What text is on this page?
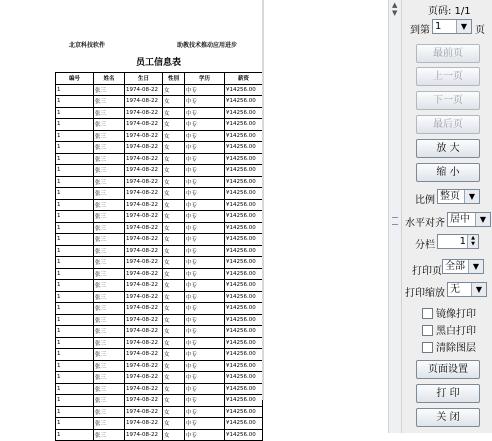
北京科技软件	助教技术推动应用进步
员工信息表
编号	姓名	生日	性别	学历	薪资
1	张三	1974-08-22	女	中专	¥14256.00
1	张三	1974-08-22	女	中专	¥14256.00
1	张三	1974-08-22	女	中专	¥14256.00
1	张三	1974-08-22	女	中专	¥14256.00
1	张三	1974-08-22	女	中专	¥14256.00
1	张三	1974-08-22	女	中专	¥14256.00
1	张三	1974-08-22	女	中专	¥14256.00
1	张三	1974-08-22	女	中专	¥14256.00
1	张三	1974-08-22	女	中专	¥14256.00
1	张三	1974-08-22	女	中专	¥14256.00
1	张三	1974-08-22	女	中专	¥14256.00
1	张三	1974-08-22	女	中专	¥14256.00
1	张三	1974-08-22	女	中专	¥14256.00
1	张三	1974-08-22	女	中专	¥14256.00
1	张三	1974-08-22	女	中专	¥14256.00
1	张三	1974-08-22	女	中专	¥14256.00
1	张三	1974-08-22	女	中专	¥14256.00
1	张三	1974-08-22	女	中专	¥14256.00
1	张三	1974-08-22	女	中专	¥14256.00
1	张三	1974-08-22	女	中专	¥14256.00
1	张三	1974-08-22	女	中专	¥14256.00
1	张三	1974-08-22	女	中专	¥14256.00
1	张三	1974-08-22	女	中专	¥14256.00
1	张三	1974-08-22	女	中专	¥14256.00
1	张三	1974-08-22	女	中专	¥14256.00
1	张三	1974-08-22	女	中专	¥14256.00
1	张三	1974-08-22	女	中专	¥14256.00
1	张三	1974-08-22	女	中专	¥14256.00
1	张三	1974-08-22	女	中专	¥14256.00
1	张三	1974-08-22	女	中专	¥14256.00
1	张三	1974-08-22	女	中专	¥14256.00
▲
▼	页码: 1/1
到第 1	▼ 页
最前页
上一页
下一页
最后页
放 大
缩 小
比例 整页	▼
水平对齐 居中	▼
分栏 1	▲
▼
打印页 全部 ▼
打印缩放 无	▼
镜像打印
黑白打印
清除图层
页面设置
打 印
关 闭
